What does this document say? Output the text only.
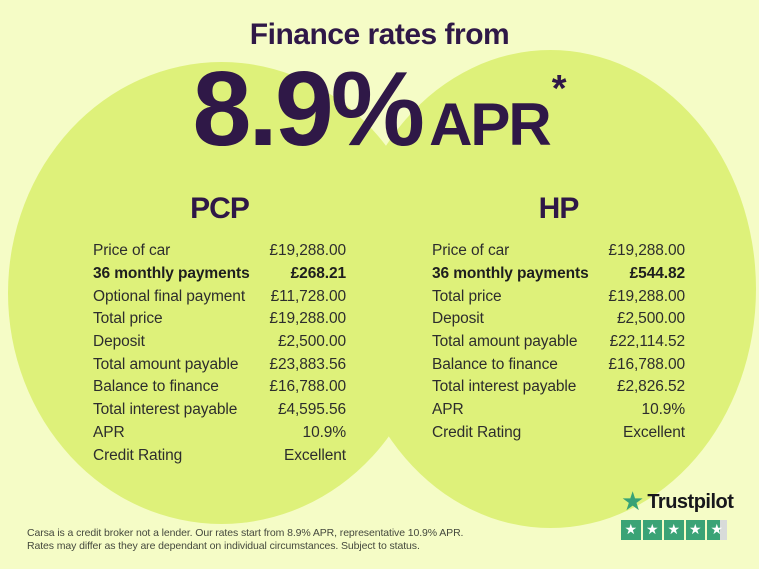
Finance rates from
8.9% APR
*
PCP
Price of car	£19,288.00
36 monthly payments	£268.21
Optional final payment £11,728.00
Total price	£19,288.00
Deposit	£2,500.00
Total amount payable £23,883.56
Balance to finance	£16,788.00
Total interest payable	£4,595.56
APR	10.9%
Credit Rating	Excellent
HP
Price of car	£19,288.00
36 monthly payments	£544.82
Total price	£19,288.00
Deposit	£2,500.00
Total amount payable £22,114.52
Balance to finance	£16,788.00
Total interest payable	£2,826.52
APR	10.9%
Credit Rating	Excellent

Carsa is a credit broker not a lender. Our rates start from 8.9% APR, representative 10.9% APR.
Rates may differ as they are dependant on individual circumstances. Subject to status.

★ Trustpilot
★ ★ ★ ★ ★
